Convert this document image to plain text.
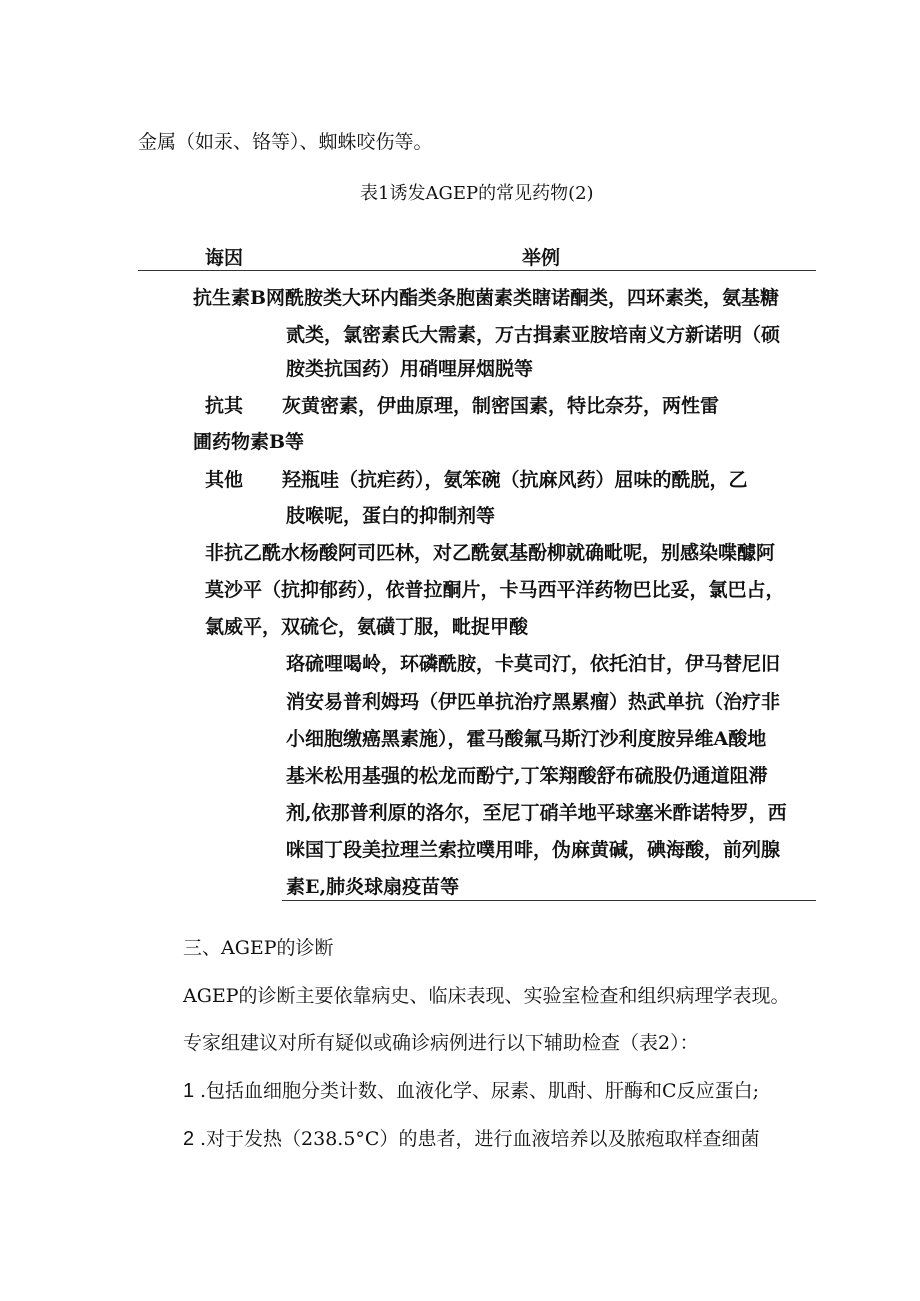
金属（如汞、铬等）、蜘蛛咬伤等。
表1诱发AGEP的常见药物(2)
诲因	举例
抗生素B网酰胺类大环内酯类条胞菌素类瞎诺酮类，四环素类，氨基糖
贰类，氯密素氏大需素，万古揖素亚胺培南义方新诺明（硕
胺类抗国药）用硝哩屏烟脱等
抗其 灰黄密素，伊曲原理，制密国素，特比奈芬，两性雷
圃药物素B等
其他 羟瓶哇（抗疟药），氨笨碗（抗麻风药）屈味的酰脱，乙
肢喉呢，蛋白的抑制剂等
非抗乙酰水杨酸阿司匹林，对乙酰氨基酚柳就确毗呢，别感染喋醵阿
莫沙平（抗抑郁药），依普拉酮片，卡马西平洋药物巴比妥，氯巴占，
氯威平，双硫仑，氨磺丁服，毗捉甲酸
珞硫哩喝岭，环磷酰胺，卡莫司汀，依托泊甘，伊马替尼旧
消安易普利姆玛（伊匹单抗治疗黑累瘤）热武单抗（治疗非
小细胞缴癌黑素施），霍马酸氟马斯汀沙利度胺异维A酸地
基米松用基强的松龙而酚宁,丁笨翔酸舒布硫股仍通道阻滞
剂,依那普利原的洛尔，至尼丁硝羊地平球塞米酢诺特罗，西
咪国丁段美拉理兰索拉噗用啡，伪麻黄碱，碘海酸，前列腺
素E,肺炎球扇疫苗等
三、AGEP的诊断
AGEP的诊断主要依靠病史、临床表现、实验室检查和组织病理学表现。
专家组建议对所有疑似或确诊病例进行以下辅助检查（表2）：
1 .包括血细胞分类计数、血液化学、尿素、肌酎、肝酶和C反应蛋白;
2 .对于发热（238.5°C）的患者，进行血液培养以及脓疱取样查细菌
